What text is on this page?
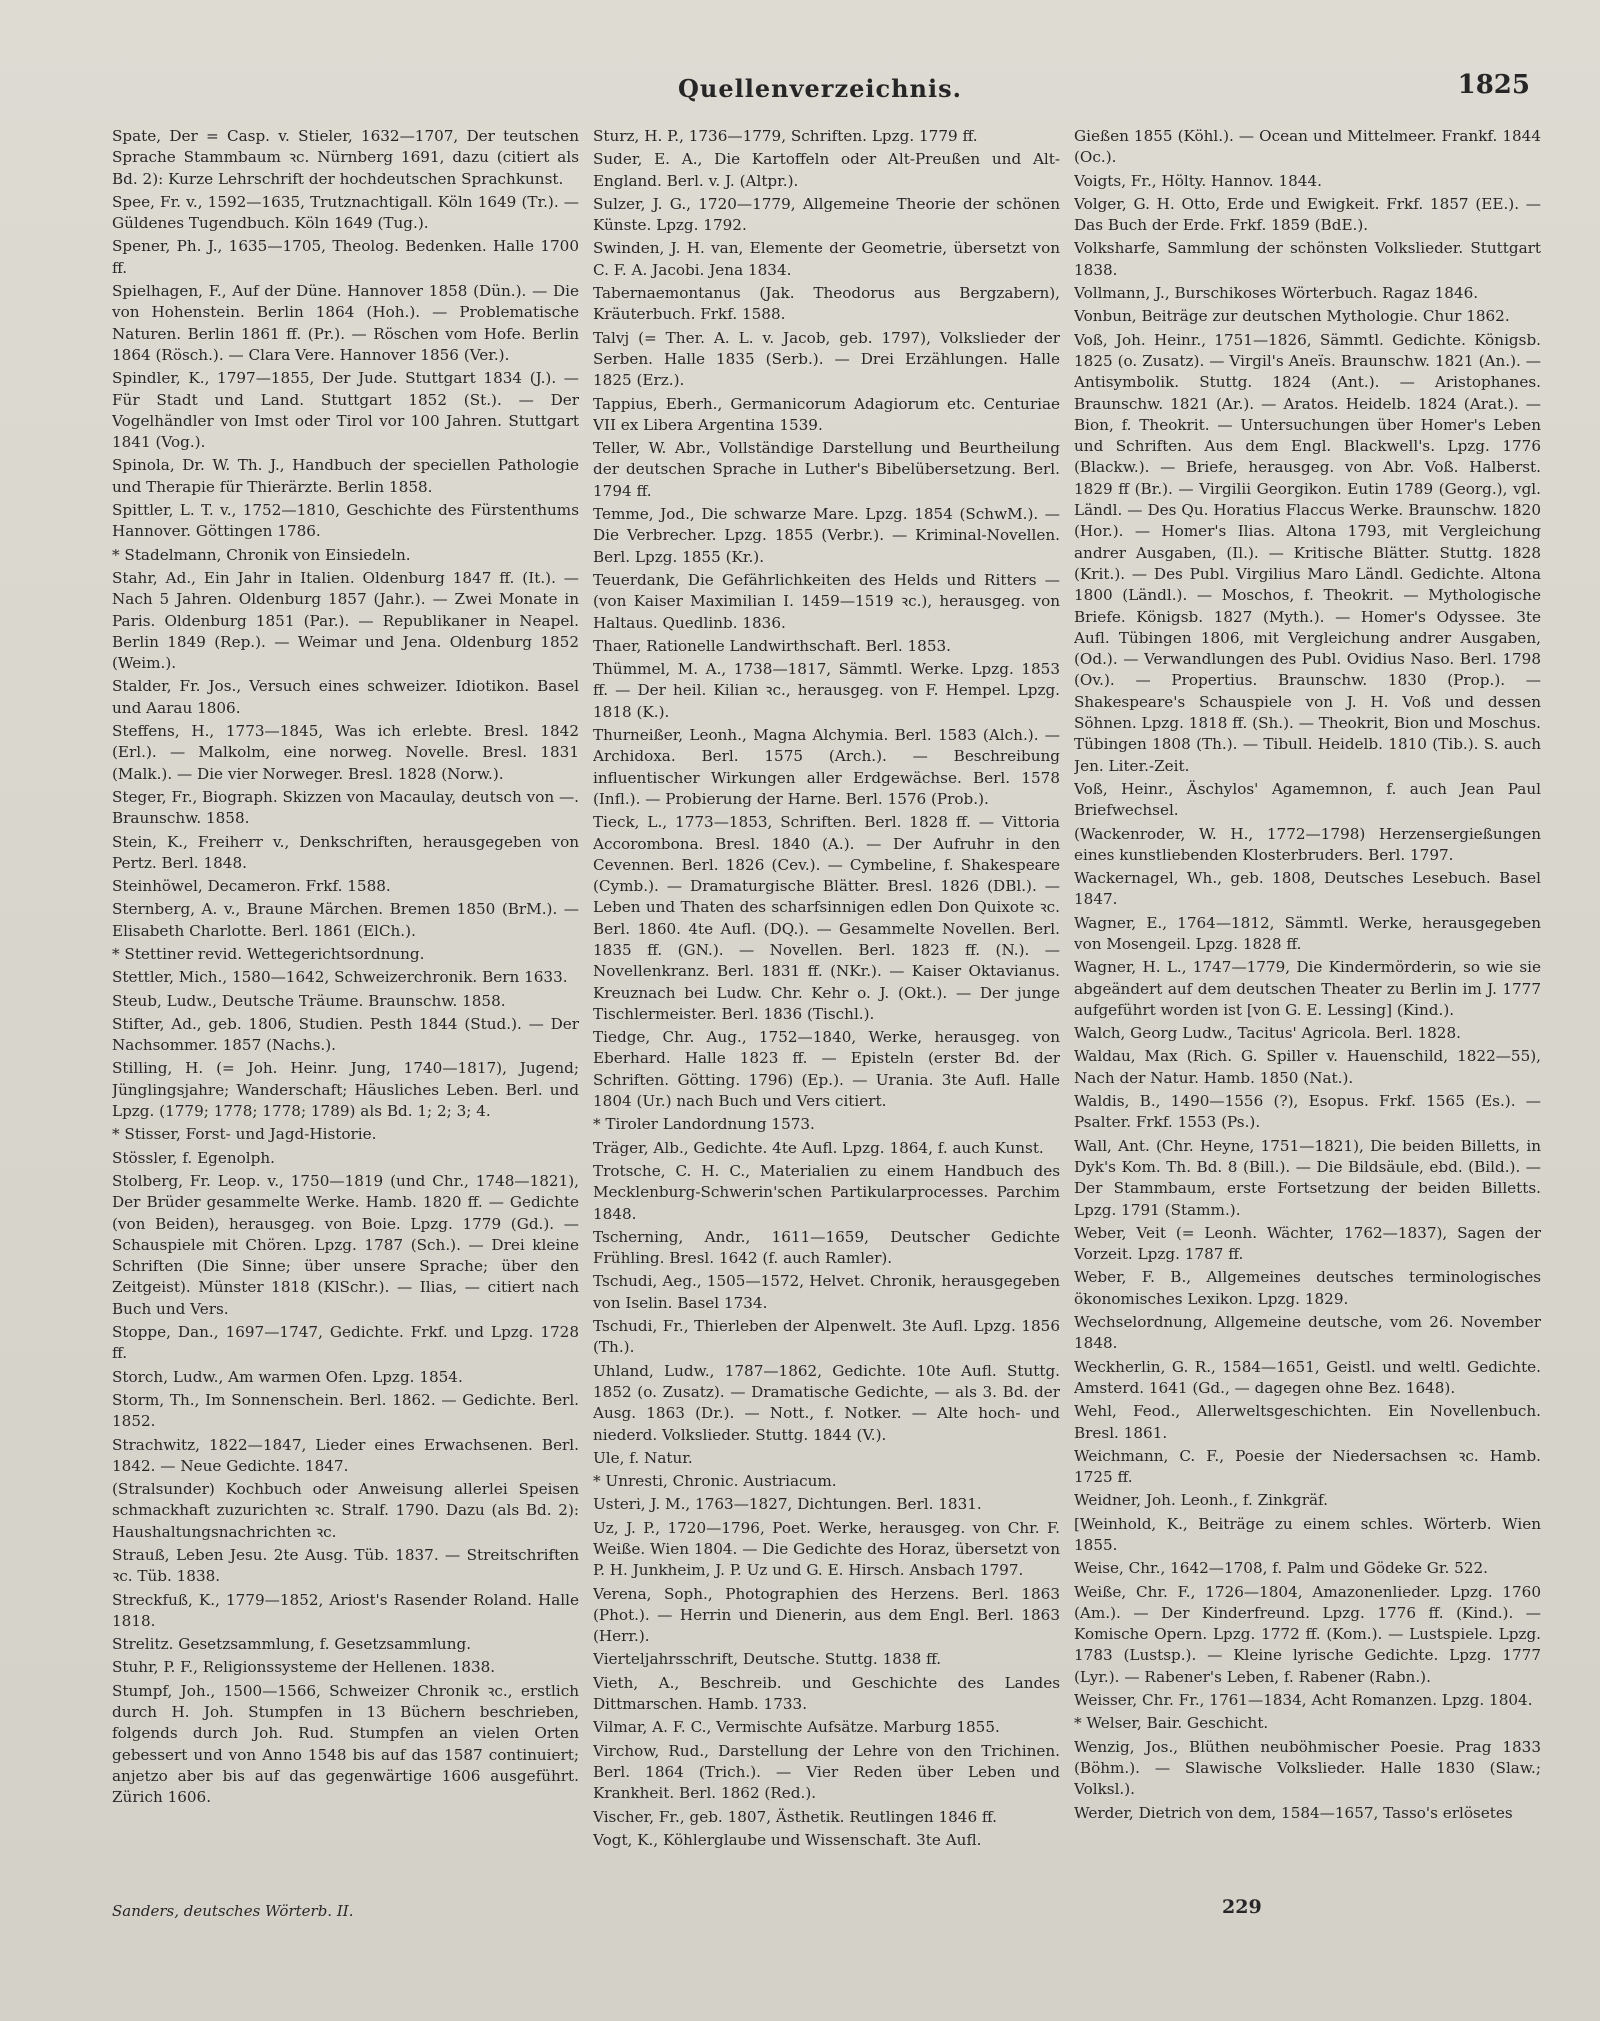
Quellenverzeichnis.	1825

Spate, Der = Casp. v. Stieler, 1632—1707, Der teutschen Sprache Stammbaum ꝛc. Nürnberg 1691, dazu (citiert als Bd. 2): Kurze Lehrschrift der hochdeutschen Sprachkunst.

Spee, Fr. v., 1592—1635, Trutznachtigall. Köln 1649 (Tr.). — Güldenes Tugendbuch. Köln 1649 (Tug.).

Spener, Ph. J., 1635—1705, Theolog. Bedenken. Halle 1700 ff.

Spielhagen, F., Auf der Düne. Hannover 1858 (Dün.). — Die von Hohenstein. Berlin 1864 (Hoh.). — Problematische Naturen. Berlin 1861 ff. (Pr.). — Röschen vom Hofe. Berlin 1864 (Rösch.). — Clara Vere. Hannover 1856 (Ver.).

Spindler, K., 1797—1855, Der Jude. Stuttgart 1834 (J.). — Für Stadt und Land. Stuttgart 1852 (St.). — Der Vogelhändler von Imst oder Tirol vor 100 Jahren. Stuttgart 1841 (Vog.).

Spinola, Dr. W. Th. J., Handbuch der speciellen Pathologie und Therapie für Thierärzte. Berlin 1858.

Spittler, L. T. v., 1752—1810, Geschichte des Fürstenthums Hannover. Göttingen 1786.

* Stadelmann, Chronik von Einsiedeln.

Stahr, Ad., Ein Jahr in Italien. Oldenburg 1847 ff. (It.). — Nach 5 Jahren. Oldenburg 1857 (Jahr.). — Zwei Monate in Paris. Oldenburg 1851 (Par.). — Republikaner in Neapel. Berlin 1849 (Rep.). — Weimar und Jena. Oldenburg 1852 (Weim.).

Stalder, Fr. Jos., Versuch eines schweizer. Idiotikon. Basel und Aarau 1806.

Steffens, H., 1773—1845, Was ich erlebte. Bresl. 1842 (Erl.). — Malkolm, eine norweg. Novelle. Bresl. 1831 (Malk.). — Die vier Norweger. Bresl. 1828 (Norw.).

Steger, Fr., Biograph. Skizzen von Macaulay, deutsch von —. Braunschw. 1858.

Stein, K., Freiherr v., Denkschriften, herausgegeben von Pertz. Berl. 1848.

Steinhöwel, Decameron. Frkf. 1588.

Sternberg, A. v., Braune Märchen. Bremen 1850 (BrM.). — Elisabeth Charlotte. Berl. 1861 (ElCh.).

* Stettiner revid. Wettegerichtsordnung.

Stettler, Mich., 1580—1642, Schweizerchronik. Bern 1633.

Steub, Ludw., Deutsche Träume. Braunschw. 1858.

Stifter, Ad., geb. 1806, Studien. Pesth 1844 (Stud.). — Der Nachsommer. 1857 (Nachs.).

Stilling, H. (= Joh. Heinr. Jung, 1740—1817), Jugend; Jünglingsjahre; Wanderschaft; Häusliches Leben. Berl. und Lpzg. (1779; 1778; 1778; 1789) als Bd. 1; 2; 3; 4.

* Stisser, Forst- und Jagd-Historie.

Stössler, f. Egenolph.

Stolberg, Fr. Leop. v., 1750—1819 (und Chr., 1748—1821), Der Brüder gesammelte Werke. Hamb. 1820 ff. — Gedichte (von Beiden), herausgeg. von Boie. Lpzg. 1779 (Gd.). — Schauspiele mit Chören. Lpzg. 1787 (Sch.). — Drei kleine Schriften (Die Sinne; über unsere Sprache; über den Zeitgeist). Münster 1818 (KlSchr.). — Ilias, — citiert nach Buch und Vers.

Stoppe, Dan., 1697—1747, Gedichte. Frkf. und Lpzg. 1728 ff.

Storch, Ludw., Am warmen Ofen. Lpzg. 1854.

Storm, Th., Im Sonnenschein. Berl. 1862. — Gedichte. Berl. 1852.

Strachwitz, 1822—1847, Lieder eines Erwachsenen. Berl. 1842. — Neue Gedichte. 1847.

(Stralsunder) Kochbuch oder Anweisung allerlei Speisen schmackhaft zuzurichten ꝛc. Stralf. 1790. Dazu (als Bd. 2): Haushaltungsnachrichten ꝛc.

Strauß, Leben Jesu. 2te Ausg. Tüb. 1837. — Streitschriften ꝛc. Tüb. 1838.

Streckfuß, K., 1779—1852, Ariost's Rasender Roland. Halle 1818.

Strelitz. Gesetzsammlung, f. Gesetzsammlung.

Stuhr, P. F., Religionssysteme der Hellenen. 1838.

Stumpf, Joh., 1500—1566, Schweizer Chronik ꝛc., erstlich durch H. Joh. Stumpfen in 13 Büchern beschrieben, folgends durch Joh. Rud. Stumpfen an vielen Orten gebessert und von Anno 1548 bis auf das 1587 continuiert; anjetzo aber bis auf das gegenwärtige 1606 ausgeführt. Zürich 1606.

Sturz, H. P., 1736—1779, Schriften. Lpzg. 1779 ff.

Suder, E. A., Die Kartoffeln oder Alt-Preußen und Alt-England. Berl. v. J. (Altpr.).

Sulzer, J. G., 1720—1779, Allgemeine Theorie der schönen Künste. Lpzg. 1792.

Swinden, J. H. van, Elemente der Geometrie, übersetzt von C. F. A. Jacobi. Jena 1834.

Tabernaemontanus (Jak. Theodorus aus Bergzabern), Kräuterbuch. Frkf. 1588.

Talvj (= Ther. A. L. v. Jacob, geb. 1797), Volkslieder der Serben. Halle 1835 (Serb.). — Drei Erzählungen. Halle 1825 (Erz.).

Tappius, Eberh., Germanicorum Adagiorum etc. Centuriae VII ex Libera Argentina 1539.

Teller, W. Abr., Vollständige Darstellung und Beurtheilung der deutschen Sprache in Luther's Bibelübersetzung. Berl. 1794 ff.

Temme, Jod., Die schwarze Mare. Lpzg. 1854 (SchwM.). — Die Verbrecher. Lpzg. 1855 (Verbr.). — Kriminal-Novellen. Berl. Lpzg. 1855 (Kr.).

Teuerdank, Die Gefährlichkeiten des Helds und Ritters — (von Kaiser Maximilian I. 1459—1519 ꝛc.), herausgeg. von Haltaus. Quedlinb. 1836.

Thaer, Rationelle Landwirthschaft. Berl. 1853.

Thümmel, M. A., 1738—1817, Sämmtl. Werke. Lpzg. 1853 ff. — Der heil. Kilian ꝛc., herausgeg. von F. Hempel. Lpzg. 1818 (K.).

Thurneißer, Leonh., Magna Alchymia. Berl. 1583 (Alch.). — Archidoxa. Berl. 1575 (Arch.). — Beschreibung influentischer Wirkungen aller Erdgewächse. Berl. 1578 (Infl.). — Probierung der Harne. Berl. 1576 (Prob.).

Tieck, L., 1773—1853, Schriften. Berl. 1828 ff. — Vittoria Accorombona. Bresl. 1840 (A.). — Der Aufruhr in den Cevennen. Berl. 1826 (Cev.). — Cymbeline, f. Shakespeare (Cymb.). — Dramaturgische Blätter. Bresl. 1826 (DBl.). — Leben und Thaten des scharfsinnigen edlen Don Quixote ꝛc. Berl. 1860. 4te Aufl. (DQ.). — Gesammelte Novellen. Berl. 1835 ff. (GN.). — Novellen. Berl. 1823 ff. (N.). — Novellenkranz. Berl. 1831 ff. (NKr.). — Kaiser Oktavianus. Kreuznach bei Ludw. Chr. Kehr o. J. (Okt.). — Der junge Tischlermeister. Berl. 1836 (Tischl.).

Tiedge, Chr. Aug., 1752—1840, Werke, herausgeg. von Eberhard. Halle 1823 ff. — Episteln (erster Bd. der Schriften. Götting. 1796) (Ep.). — Urania. 3te Aufl. Halle 1804 (Ur.) nach Buch und Vers citiert.

* Tiroler Landordnung 1573.

Träger, Alb., Gedichte. 4te Aufl. Lpzg. 1864, f. auch Kunst.

Trotsche, C. H. C., Materialien zu einem Handbuch des Mecklenburg-Schwerin'schen Partikularprocesses. Parchim 1848.

Tscherning, Andr., 1611—1659, Deutscher Gedichte Frühling. Bresl. 1642 (f. auch Ramler).

Tschudi, Aeg., 1505—1572, Helvet. Chronik, herausgegeben von Iselin. Basel 1734.

Tschudi, Fr., Thierleben der Alpenwelt. 3te Aufl. Lpzg. 1856 (Th.).

Uhland, Ludw., 1787—1862, Gedichte. 10te Aufl. Stuttg. 1852 (o. Zusatz). — Dramatische Gedichte, — als 3. Bd. der Ausg. 1863 (Dr.). — Nott., f. Notker. — Alte hoch- und niederd. Volkslieder. Stuttg. 1844 (V.).

Ule, f. Natur.

* Unresti, Chronic. Austriacum.

Usteri, J. M., 1763—1827, Dichtungen. Berl. 1831.

Uz, J. P., 1720—1796, Poet. Werke, herausgeg. von Chr. F. Weiße. Wien 1804. — Die Gedichte des Horaz, übersetzt von P. H. Junkheim, J. P. Uz und G. E. Hirsch. Ansbach 1797.

Verena, Soph., Photographien des Herzens. Berl. 1863 (Phot.). — Herrin und Dienerin, aus dem Engl. Berl. 1863 (Herr.).

Vierteljahrsschrift, Deutsche. Stuttg. 1838 ff.

Vieth, A., Beschreib. und Geschichte des Landes Dittmarschen. Hamb. 1733.

Vilmar, A. F. C., Vermischte Aufsätze. Marburg 1855.

Virchow, Rud., Darstellung der Lehre von den Trichinen. Berl. 1864 (Trich.). — Vier Reden über Leben und Krankheit. Berl. 1862 (Red.).

Vischer, Fr., geb. 1807, Ästhetik. Reutlingen 1846 ff.

Vogt, K., Köhlerglaube und Wissenschaft. 3te Aufl.

Gießen 1855 (Köhl.). — Ocean und Mittelmeer. Frankf. 1844 (Oc.).

Voigts, Fr., Hölty. Hannov. 1844.

Volger, G. H. Otto, Erde und Ewigkeit. Frkf. 1857 (EE.). — Das Buch der Erde. Frkf. 1859 (BdE.).

Volksharfe, Sammlung der schönsten Volkslieder. Stuttgart 1838.

Vollmann, J., Burschikoses Wörterbuch. Ragaz 1846.

Vonbun, Beiträge zur deutschen Mythologie. Chur 1862.

Voß, Joh. Heinr., 1751—1826, Sämmtl. Gedichte. Königsb. 1825 (o. Zusatz). — Virgil's Aneïs. Braunschw. 1821 (An.). — Antisymbolik. Stuttg. 1824 (Ant.). — Aristophanes. Braunschw. 1821 (Ar.). — Aratos. Heidelb. 1824 (Arat.). — Bion, f. Theokrit. — Untersuchungen über Homer's Leben und Schriften. Aus dem Engl. Blackwell's. Lpzg. 1776 (Blackw.). — Briefe, herausgeg. von Abr. Voß. Halberst. 1829 ff (Br.). — Virgilii Georgikon. Eutin 1789 (Georg.), vgl. Ländl. — Des Qu. Horatius Flaccus Werke. Braunschw. 1820 (Hor.). — Homer's Ilias. Altona 1793, mit Vergleichung andrer Ausgaben, (Il.). — Kritische Blätter. Stuttg. 1828 (Krit.). — Des Publ. Virgilius Maro Ländl. Gedichte. Altona 1800 (Ländl.). — Moschos, f. Theokrit. — Mythologische Briefe. Königsb. 1827 (Myth.). — Homer's Odyssee. 3te Aufl. Tübingen 1806, mit Vergleichung andrer Ausgaben, (Od.). — Verwandlungen des Publ. Ovidius Naso. Berl. 1798 (Ov.). — Propertius. Braunschw. 1830 (Prop.). — Shakespeare's Schauspiele von J. H. Voß und dessen Söhnen. Lpzg. 1818 ff. (Sh.). — Theokrit, Bion und Moschus. Tübingen 1808 (Th.). — Tibull. Heidelb. 1810 (Tib.). S. auch Jen. Liter.-Zeit.

Voß, Heinr., Äschylos' Agamemnon, f. auch Jean Paul Briefwechsel.

(Wackenroder, W. H., 1772—1798) Herzensergießungen eines kunstliebenden Klosterbruders. Berl. 1797.

Wackernagel, Wh., geb. 1808, Deutsches Lesebuch. Basel 1847.

Wagner, E., 1764—1812, Sämmtl. Werke, herausgegeben von Mosengeil. Lpzg. 1828 ff.

Wagner, H. L., 1747—1779, Die Kindermörderin, so wie sie abgeändert auf dem deutschen Theater zu Berlin im J. 1777 aufgeführt worden ist [von G. E. Lessing] (Kind.).

Walch, Georg Ludw., Tacitus' Agricola. Berl. 1828.

Waldau, Max (Rich. G. Spiller v. Hauenschild, 1822—55), Nach der Natur. Hamb. 1850 (Nat.).

Waldis, B., 1490—1556 (?), Esopus. Frkf. 1565 (Es.). — Psalter. Frkf. 1553 (Ps.).

Wall, Ant. (Chr. Heyne, 1751—1821), Die beiden Billetts, in Dyk's Kom. Th. Bd. 8 (Bill.). — Die Bildsäule, ebd. (Bild.). — Der Stammbaum, erste Fortsetzung der beiden Billetts. Lpzg. 1791 (Stamm.).

Weber, Veit (= Leonh. Wächter, 1762—1837), Sagen der Vorzeit. Lpzg. 1787 ff.

Weber, F. B., Allgemeines deutsches terminologisches ökonomisches Lexikon. Lpzg. 1829.

Wechselordnung, Allgemeine deutsche, vom 26. November 1848.

Weckherlin, G. R., 1584—1651, Geistl. und weltl. Gedichte. Amsterd. 1641 (Gd., — dagegen ohne Bez. 1648).

Wehl, Feod., Allerweltsgeschichten. Ein Novellenbuch. Bresl. 1861.

Weichmann, C. F., Poesie der Niedersachsen ꝛc. Hamb. 1725 ff.

Weidner, Joh. Leonh., f. Zinkgräf.

[Weinhold, K., Beiträge zu einem schles. Wörterb. Wien 1855.

Weise, Chr., 1642—1708, f. Palm und Gödeke Gr. 522.

Weiße, Chr. F., 1726—1804, Amazonenlieder. Lpzg. 1760 (Am.). — Der Kinderfreund. Lpzg. 1776 ff. (Kind.). — Komische Opern. Lpzg. 1772 ff. (Kom.). — Lustspiele. Lpzg. 1783 (Lustsp.). — Kleine lyrische Gedichte. Lpzg. 1777 (Lyr.). — Rabener's Leben, f. Rabener (Rabn.).

Weisser, Chr. Fr., 1761—1834, Acht Romanzen. Lpzg. 1804.

* Welser, Bair. Geschicht.

Wenzig, Jos., Blüthen neuböhmischer Poesie. Prag 1833 (Böhm.). — Slawische Volkslieder. Halle 1830 (Slaw.; Volksl.).

Werder, Dietrich von dem, 1584—1657, Tasso's erlösetes

Sanders, deutsches Wörterb. II.	229
